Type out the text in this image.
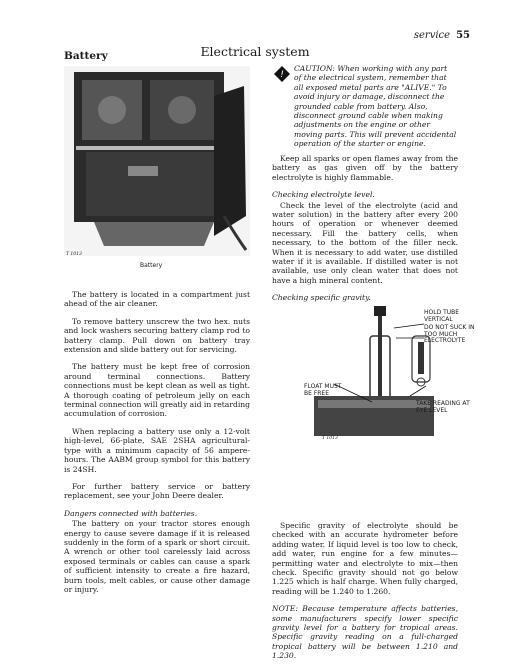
service 55
Battery	Electrical system
T 1013
Battery
!
CAUTION: When working with any part
of the electrical system, remember that all exposed metal parts are "ALIVE." To avoid injury or damage, disconnect the grounded cable from battery. Also, disconnect ground cable when making adjustments on the engine or other moving parts. This will prevent accidental operation of the starter or engine.

Keep all sparks or open flames away from the battery as gas given off by the battery electrolyte is highly flammable.

Checking electrolyte level.

Check the level of the electrolyte (acid and water solution) in the battery after every 200 hours of operation or whenever deemed necessary. Fill the battery cells, when necessary, to the bottom of the filler neck. When it is necessary to add water, use distilled water if it is available. If distilled water is not available, use only clean water that does not have a high mineral content.

Checking specific gravity.
HOLD TUBE VERTICAL
DO NOT SUCK IN TOO MUCH ELECTROLYTE
FLOAT MUST BE FREE
TAKE READING AT EYE LEVEL
T 1013

Specific gravity of electrolyte should be checked with an accurate hydrometer before adding water. If liquid level is too low to check, add water, run engine for a few minutes—permitting water and electrolyte to mix—then check. Specific gravity should not go below 1.225 which is half charge. When fully charged, reading will be 1.240 to 1.260.

NOTE: Because temperature affects batteries, some manufacturers specify lower specific gravity level for a battery for tropical areas. Specific gravity reading on a full-charged tropical battery will be between 1.210 and 1.230.

The battery is located in a compartment just ahead of the air cleaner.

To remove battery unscrew the two hex. nuts and lock washers securing battery clamp rod to battery clamp. Pull down on battery tray extension and slide battery out for servicing.

The battery must be kept free of corrosion around terminal connections. Battery connections must be kept clean as well as tight. A thorough coating of petroleum jelly on each terminal connection will greatly aid in retarding accumulation of corrosion.

When replacing a battery use only a 12-volt high-level, 66-plate, SAE 2SHA agricultural-type with a minimum capacity of 56 ampere-hours. The AABM group symbol for this battery is 24SH.

For further battery service or battery replacement, see your John Deere dealer.

Dangers connected with batteries.

The battery on your tractor stores enough energy to cause severe damage if it is released suddenly in the form of a spark or short circuit. A wrench or other tool carelessly laid across exposed terminals or cables can cause a spark of sufficient intensity to create a fire hazard, burn tools, melt cables, or cause other damage or injury.
